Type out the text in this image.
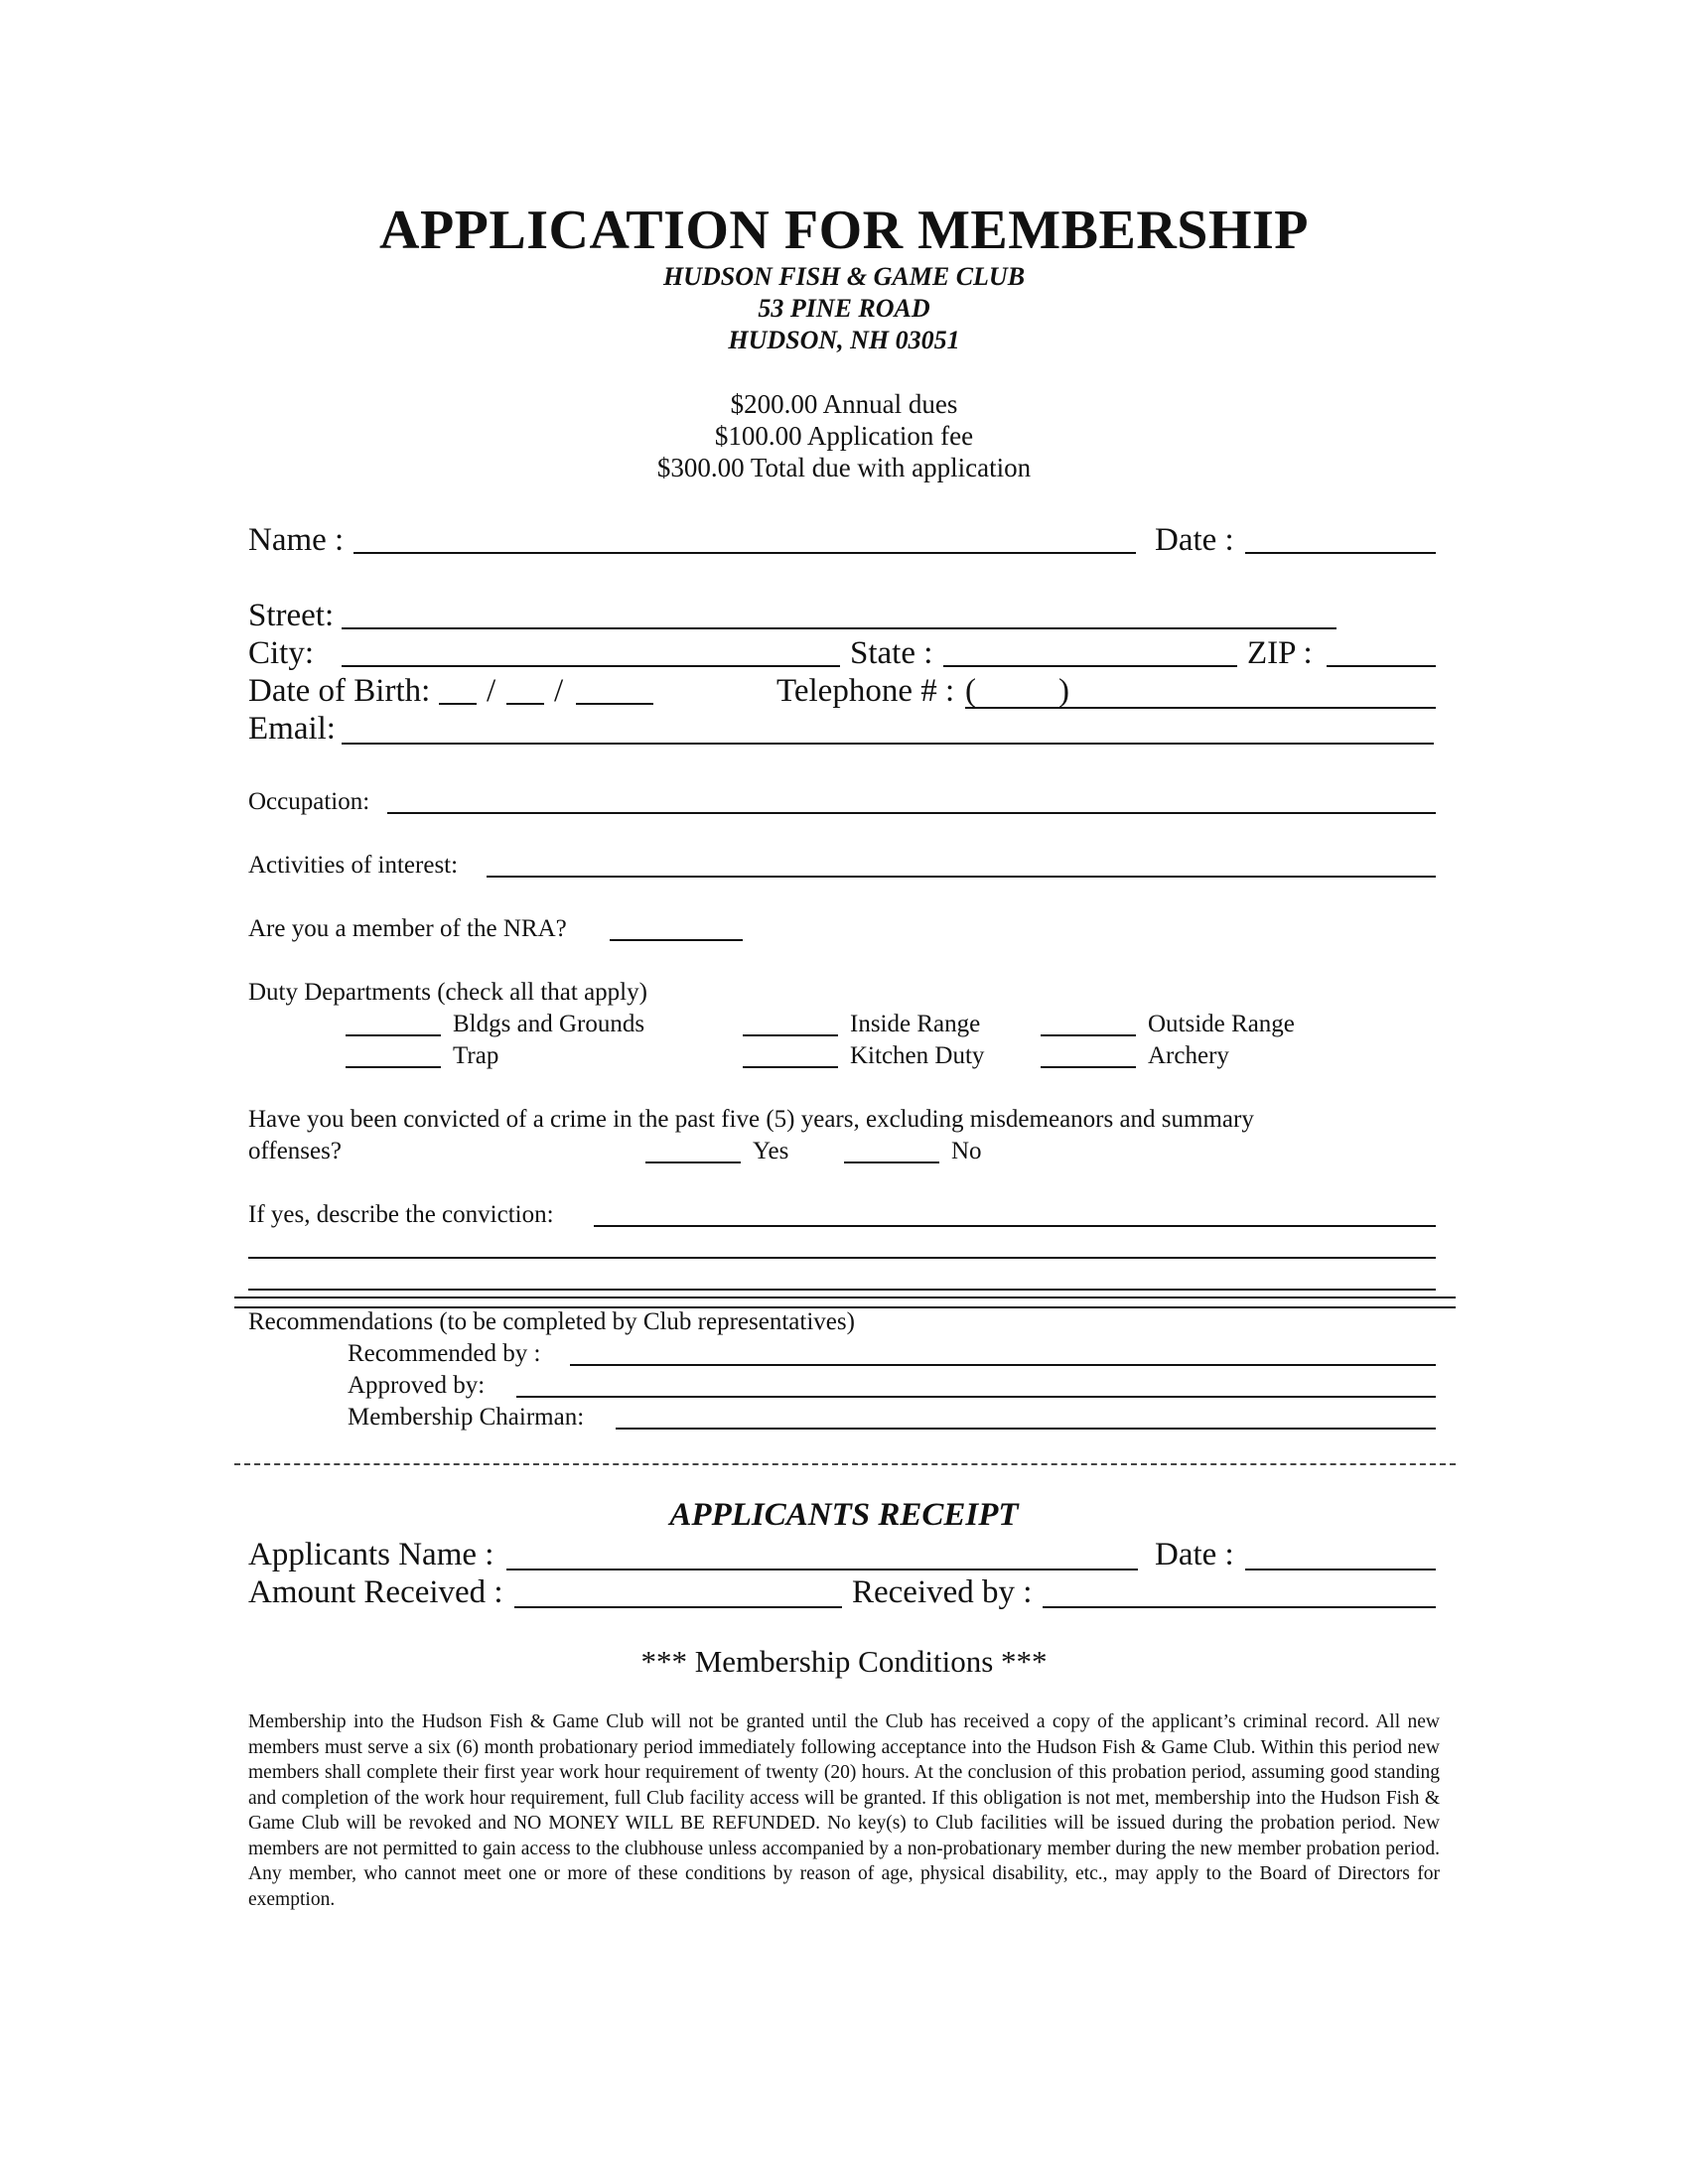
APPLICATION FOR MEMBERSHIP
HUDSON FISH & GAME CLUB
53 PINE ROAD
HUDSON, NH 03051
$200.00 Annual dues
$100.00 Application fee
$300.00 Total due with application
Name :	Date :
Street:
City:	State :	ZIP :
Date of Birth: / /	Telephone # : (	)
Email:
Occupation:
Activities of interest:
Are you a member of the NRA?
Duty Departments (check all that apply)
Bldgs and Grounds	Inside Range	Outside Range
Trap	Kitchen Duty	Archery
Have you been convicted of a crime in the past five (5) years, excluding misdemeanors and summary
offenses?	Yes	No
If yes, describe the conviction:
Recommendations (to be completed by Club representatives)
Recommended by :
Approved by:
Membership Chairman:
APPLICANTS RECEIPT
Applicants Name :	Date :
Amount Received :	Received by :
*** Membership Conditions ***
Membership into the Hudson Fish & Game Club will not be granted until the Club has received a copy of the applicant’s criminal record. All new members must serve a six (6) month probationary period immediately following acceptance into the Hudson Fish & Game Club. Within this period new members shall complete their first year work hour requirement of twenty (20) hours. At the conclusion of this probation period, assuming good standing and completion of the work hour requirement, full Club facility access will be granted. If this obligation is not met, membership into the Hudson Fish & Game Club will be revoked and NO MONEY WILL BE REFUNDED. No key(s) to Club facilities will be issued during the probation period. New members are not permitted to gain access to the clubhouse unless accompanied by a non-probationary member during the new member probation period. Any member, who cannot meet one or more of these conditions by reason of age, physical disability, etc., may apply to the Board of Directors for exemption.
